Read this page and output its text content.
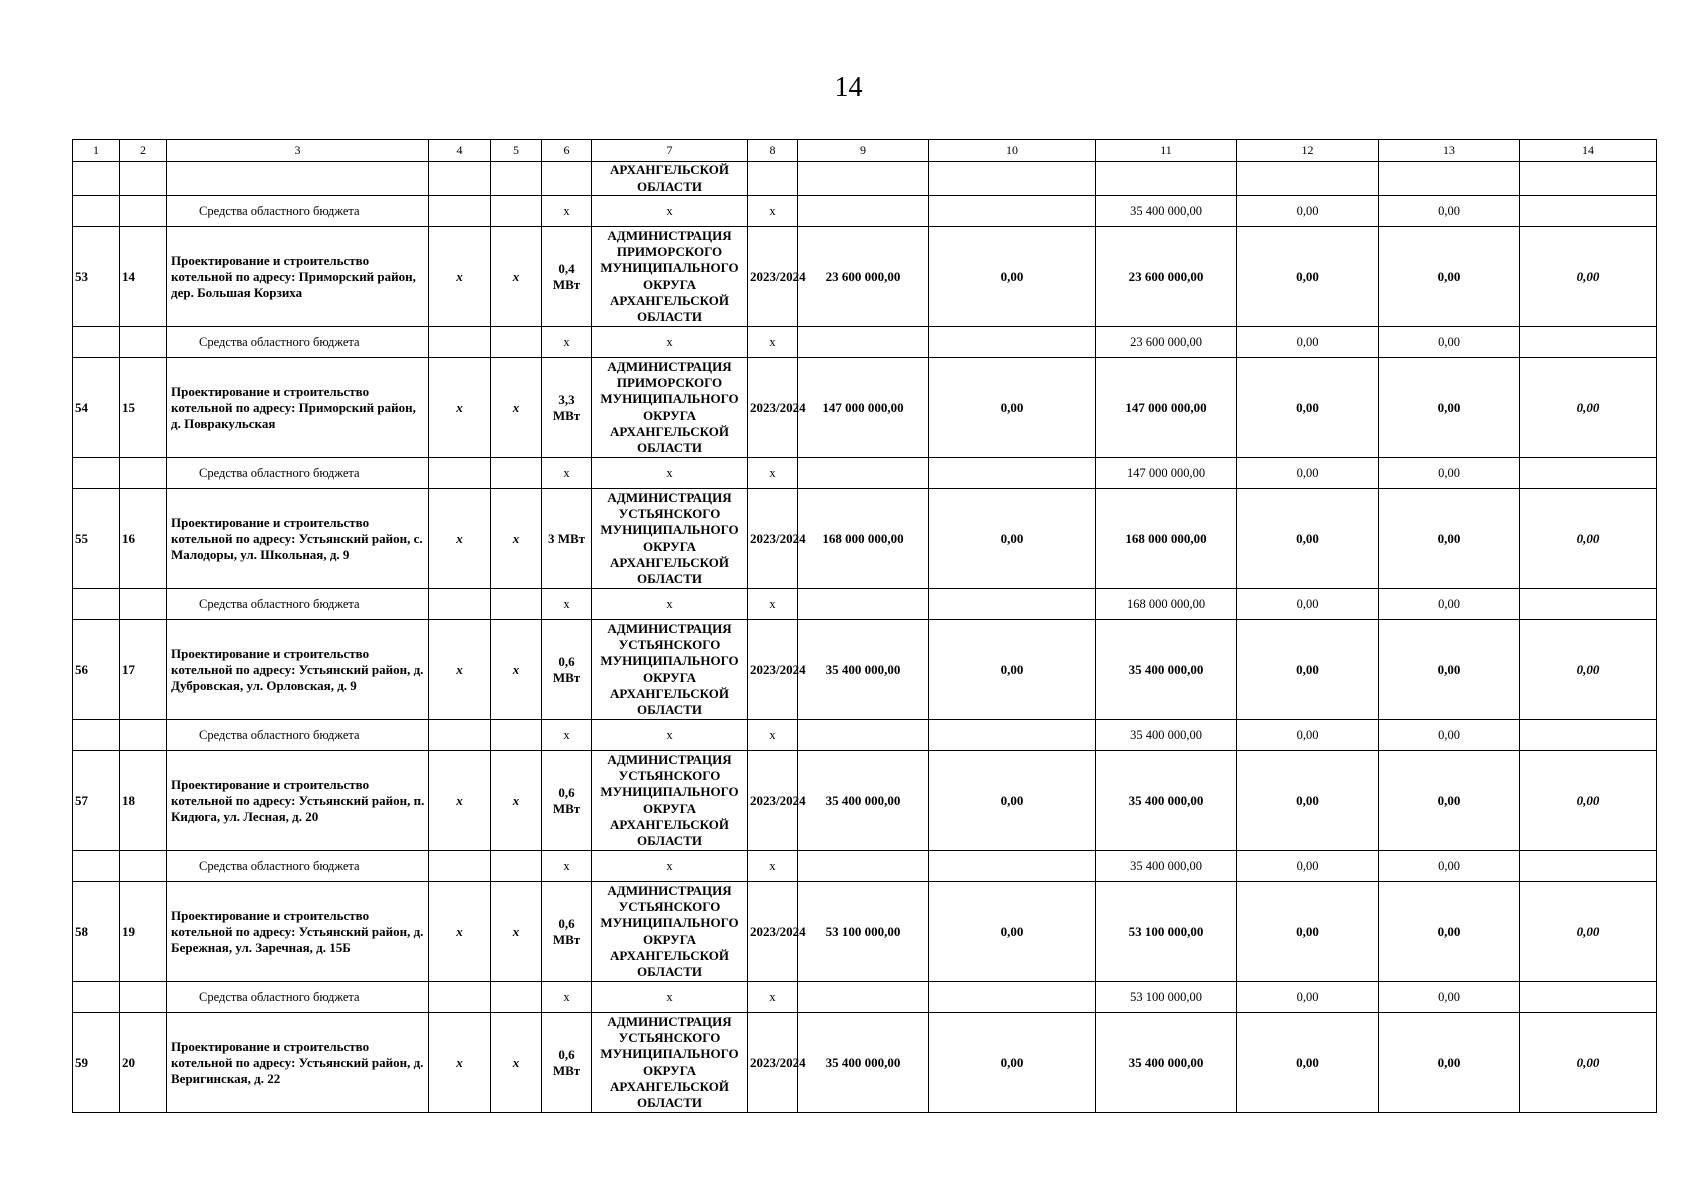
14
1	2	3	4	5	6	7	8	9	10	11	12	13	14
						АРХАНГЕЛЬСКОЙ ОБЛАСТИ							
		Средства областного бюджета			х	х	х			35 400 000,00	0,00	0,00	
53	14	Проектирование и строительство котельной по адресу: Приморский район, дер. Большая Корзиха	х	х	0,4 МВт	АДМИНИСТРАЦИЯ ПРИМОРСКОГО МУНИЦИПАЛЬНОГО ОКРУГА АРХАНГЕЛЬСКОЙ ОБЛАСТИ	2023/2024	23 600 000,00	0,00	23 600 000,00	0,00	0,00	0,00
		Средства областного бюджета			х	х	х			23 600 000,00	0,00	0,00	
54	15	Проектирование и строительство котельной по адресу: Приморский район, д. Повракульская	х	х	3,3 МВт	АДМИНИСТРАЦИЯ ПРИМОРСКОГО МУНИЦИПАЛЬНОГО ОКРУГА АРХАНГЕЛЬСКОЙ ОБЛАСТИ	2023/2024	147 000 000,00	0,00	147 000 000,00	0,00	0,00	0,00
		Средства областного бюджета			х	х	х			147 000 000,00	0,00	0,00	
55	16	Проектирование и строительство котельной по адресу: Устьянский район, с. Малодоры, ул. Школьная, д. 9	х	х	3 МВт	АДМИНИСТРАЦИЯ УСТЬЯНСКОГО МУНИЦИПАЛЬНОГО ОКРУГА АРХАНГЕЛЬСКОЙ ОБЛАСТИ	2023/2024	168 000 000,00	0,00	168 000 000,00	0,00	0,00	0,00
		Средства областного бюджета			х	х	х			168 000 000,00	0,00	0,00	
56	17	Проектирование и строительство котельной по адресу: Устьянский район, д. Дубровская, ул. Орловская, д. 9	х	х	0,6 МВт	АДМИНИСТРАЦИЯ УСТЬЯНСКОГО МУНИЦИПАЛЬНОГО ОКРУГА АРХАНГЕЛЬСКОЙ ОБЛАСТИ	2023/2024	35 400 000,00	0,00	35 400 000,00	0,00	0,00	0,00
		Средства областного бюджета			х	х	х			35 400 000,00	0,00	0,00	
57	18	Проектирование и строительство котельной по адресу: Устьянский район, п. Кидюга, ул. Лесная, д. 20	х	х	0,6 МВт	АДМИНИСТРАЦИЯ УСТЬЯНСКОГО МУНИЦИПАЛЬНОГО ОКРУГА АРХАНГЕЛЬСКОЙ ОБЛАСТИ	2023/2024	35 400 000,00	0,00	35 400 000,00	0,00	0,00	0,00
		Средства областного бюджета			х	х	х			35 400 000,00	0,00	0,00	
58	19	Проектирование и строительство котельной по адресу: Устьянский район, д. Бережная, ул. Заречная, д. 15Б	х	х	0,6 МВт	АДМИНИСТРАЦИЯ УСТЬЯНСКОГО МУНИЦИПАЛЬНОГО ОКРУГА АРХАНГЕЛЬСКОЙ ОБЛАСТИ	2023/2024	53 100 000,00	0,00	53 100 000,00	0,00	0,00	0,00
		Средства областного бюджета			х	х	х			53 100 000,00	0,00	0,00	
59	20	Проектирование и строительство котельной по адресу: Устьянский район, д. Веригинская, д. 22	х	х	0,6 МВт	АДМИНИСТРАЦИЯ УСТЬЯНСКОГО МУНИЦИПАЛЬНОГО ОКРУГА АРХАНГЕЛЬСКОЙ ОБЛАСТИ	2023/2024	35 400 000,00	0,00	35 400 000,00	0,00	0,00	0,00
